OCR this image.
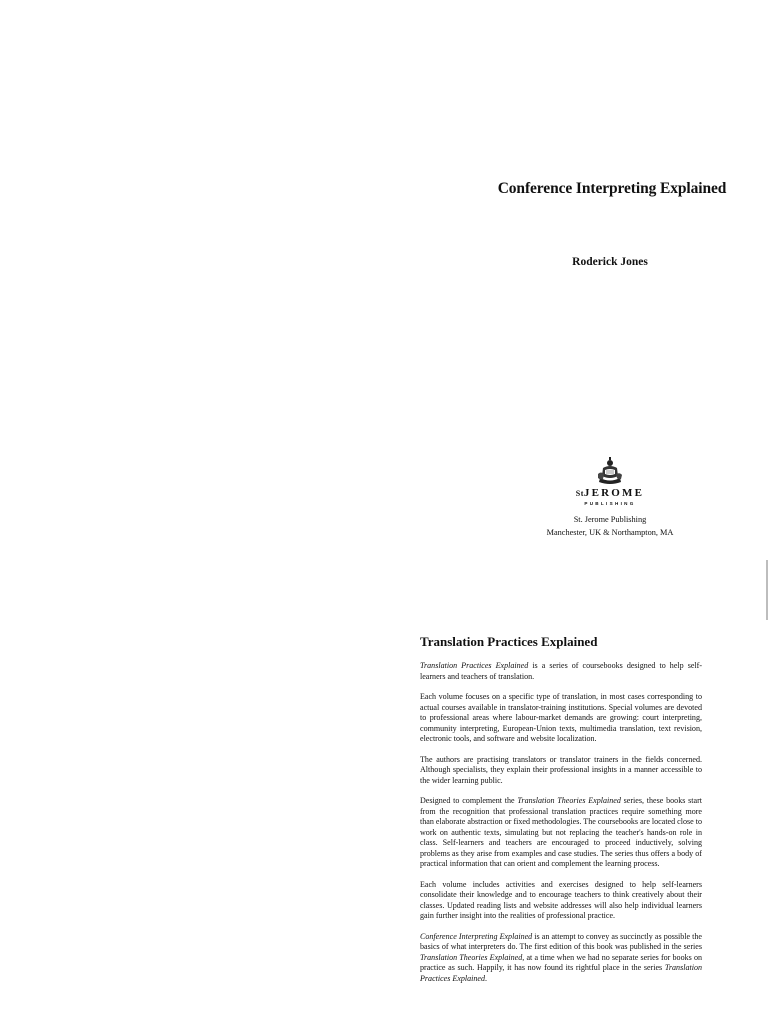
Conference Interpreting Explained
Roderick Jones
StJEROME
PUBLISHING
St. Jerome Publishing
Manchester, UK & Northampton, MA
Translation Practices Explained

Translation Practices Explained is a series of coursebooks designed to help self-learners and teachers of translation.

Each volume focuses on a specific type of translation, in most cases corresponding to actual courses available in translator-training institutions. Special volumes are devoted to professional areas where labour-market demands are growing: court interpreting, community interpreting, European-Union texts, multimedia translation, text revision, electronic tools, and software and website localization.

The authors are practising translators or translator trainers in the fields concerned. Although specialists, they explain their professional insights in a manner accessible to the wider learning public.

Designed to complement the Translation Theories Explained series, these books start from the recognition that professional translation practices require something more than elaborate abstraction or fixed methodologies. The coursebooks are located close to work on authentic texts, simulating but not replacing the teacher's hands-on role in class. Self-learners and teachers are encouraged to proceed inductively, solving problems as they arise from examples and case studies. The series thus offers a body of practical information that can orient and complement the learning process.

Each volume includes activities and exercises designed to help self-learners consolidate their knowledge and to encourage teachers to think creatively about their classes. Updated reading lists and website addresses will also help individual learners gain further insight into the realities of professional practice.

Conference Interpreting Explained is an attempt to convey as succinctly as possible the basics of what interpreters do. The first edition of this book was published in the series Translation Theories Explained, at a time when we had no separate series for books on practice as such. Happily, it has now found its rightful place in the series Translation Practices Explained.
